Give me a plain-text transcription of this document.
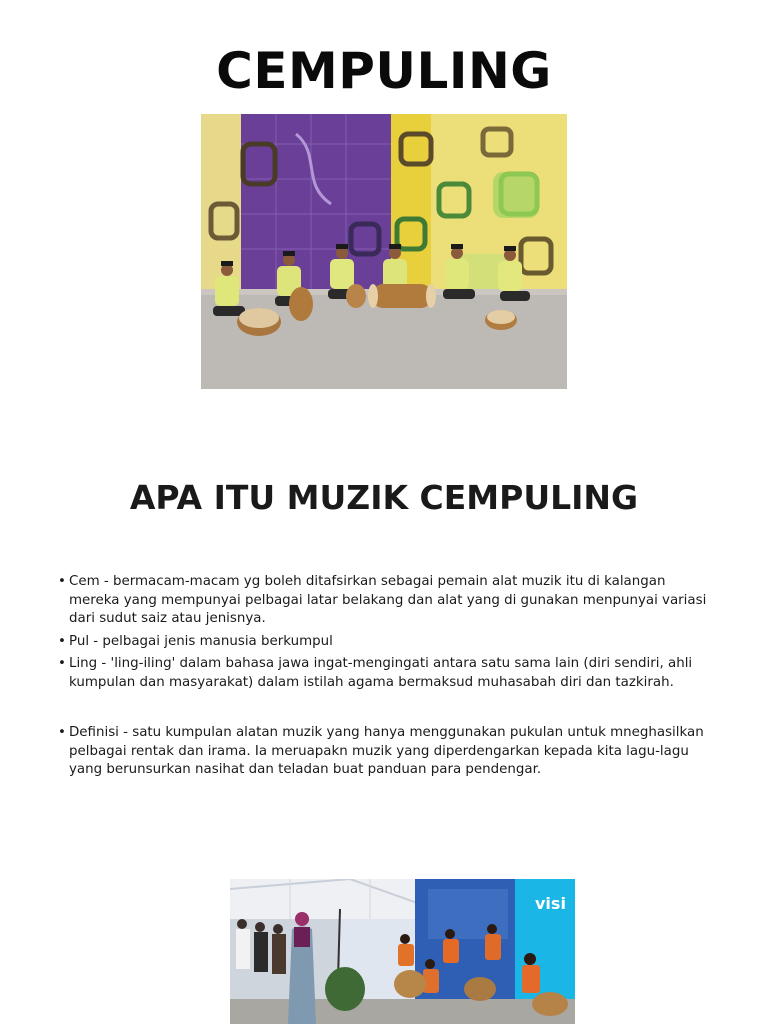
CEMPULING
APA ITU MUZIK CEMPULING
• Cem - bermacam-macam yg boleh ditafsirkan sebagai pemain alat muzik itu di kalangan mereka yang mempunyai pelbagai latar belakang dan alat yang di gunakan menpunyai variasi dari sudut saiz atau jenisnya.
• Pul - pelbagai jenis manusia berkumpul
• Ling - 'ling-iling' dalam bahasa jawa ingat-mengingati antara satu sama lain (diri sendiri, ahli kumpulan dan masyarakat) dalam istilah agama bermaksud muhasabah diri dan tazkirah.
• Definisi - satu kumpulan alatan muzik yang hanya menggunakan pukulan untuk mneghasilkan pelbagai rentak dan irama. Ia meruapakn muzik yang diperdengarkan kepada kita lagu-lagu yang berunsurkan nasihat dan teladan buat panduan para pendengar.
visi
